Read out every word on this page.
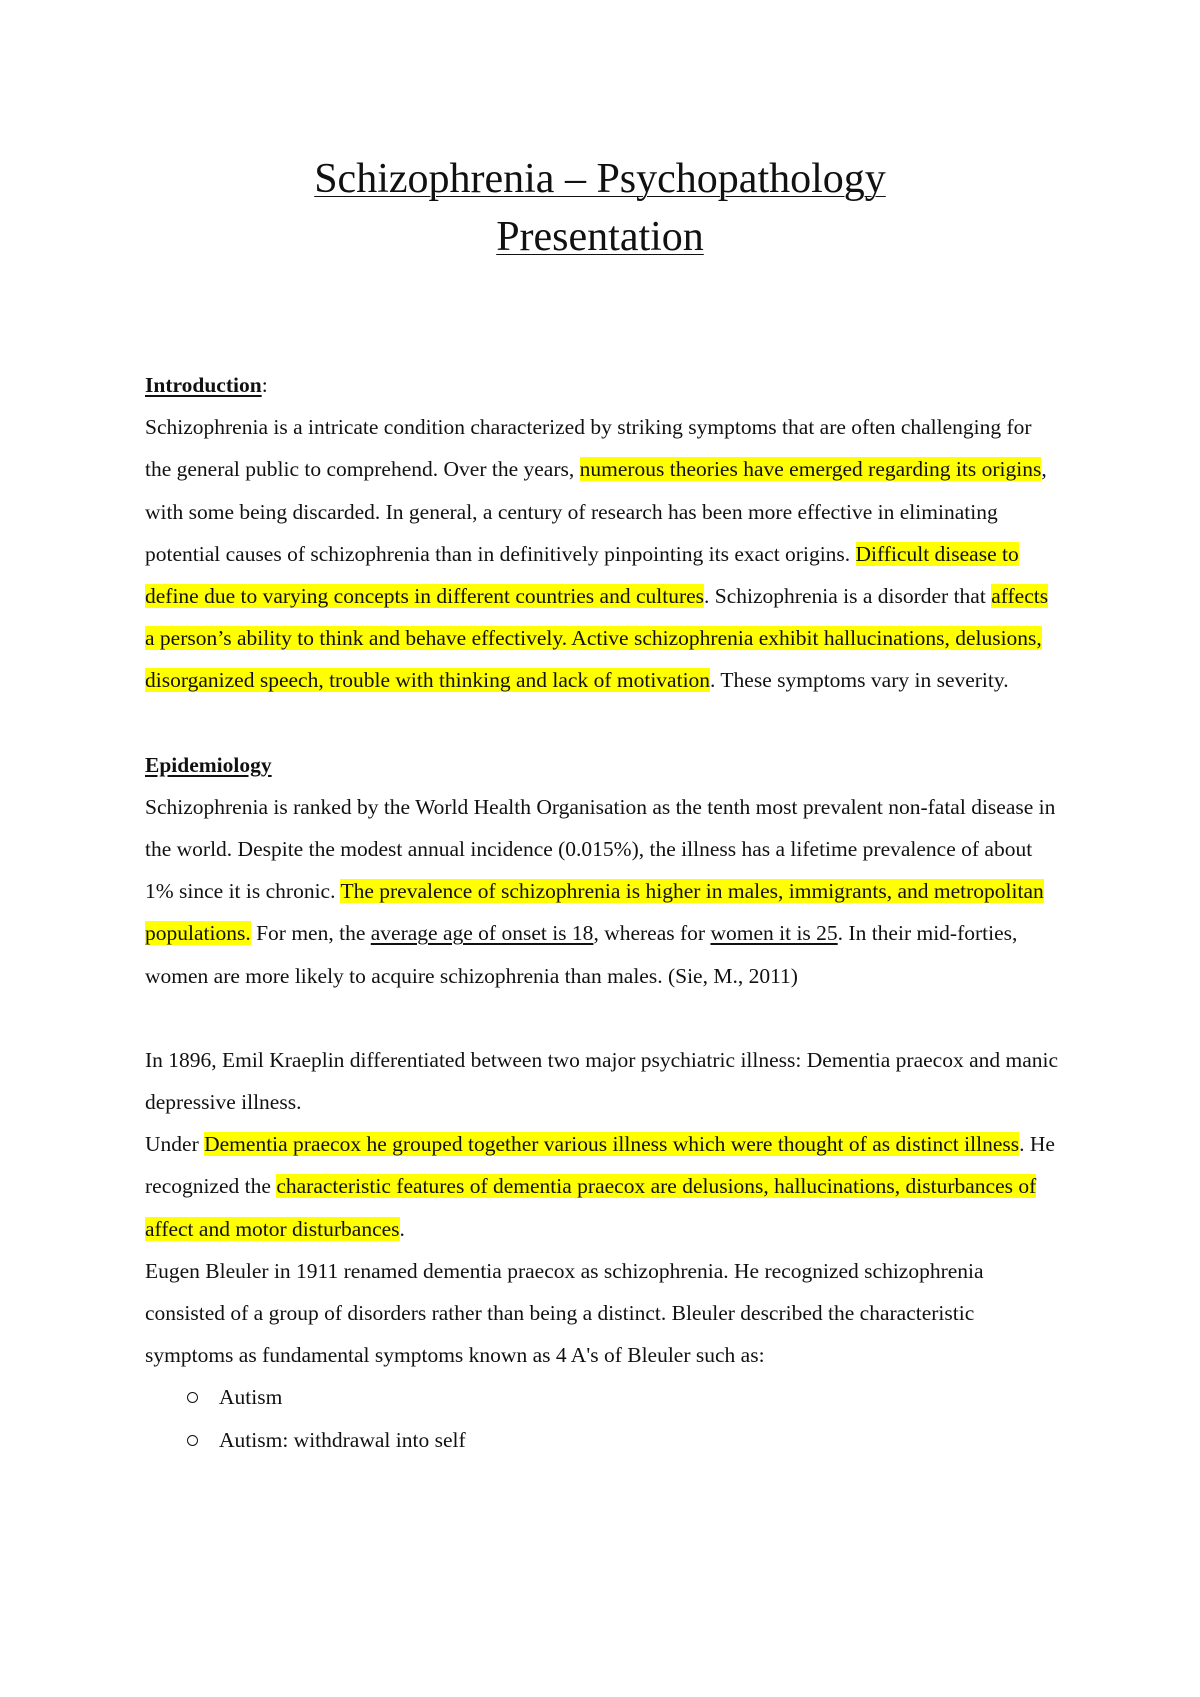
Schizophrenia – Psychopathology
Presentation

Introduction:

Schizophrenia is a intricate condition characterized by striking symptoms that are often challenging for the general public to comprehend. Over the years, numerous theories have emerged regarding its origins, with some being discarded. In general, a century of research has been more effective in eliminating potential causes of schizophrenia than in definitively pinpointing its exact origins. Difficult disease to define due to varying concepts in different countries and cultures. Schizophrenia is a disorder that affects a person’s ability to think and behave effectively. Active schizophrenia exhibit hallucinations, delusions, disorganized speech, trouble with thinking and lack of motivation. These symptoms vary in severity.

Epidemiology

Schizophrenia is ranked by the World Health Organisation as the tenth most prevalent non-fatal disease in the world. Despite the modest annual incidence (0.015%), the illness has a lifetime prevalence of about 1% since it is chronic. The prevalence of schizophrenia is higher in males, immigrants, and metropolitan populations. For men, the average age of onset is 18, whereas for women it is 25. In their mid-forties, women are more likely to acquire schizophrenia than males. (Sie, M., 2011)

In 1896, Emil Kraeplin differentiated between two major psychiatric illness: Dementia praecox and manic depressive illness.

Under Dementia praecox he grouped together various illness which were thought of as distinct illness. He recognized the characteristic features of dementia praecox are delusions, hallucinations, disturbances of affect and motor disturbances.

Eugen Bleuler in 1911 renamed dementia praecox as schizophrenia. He recognized schizophrenia consisted of a group of disorders rather than being a distinct. Bleuler described the characteristic symptoms as fundamental symptoms known as 4 A's of Bleuler such as:

Autism
Autism: withdrawal into self
